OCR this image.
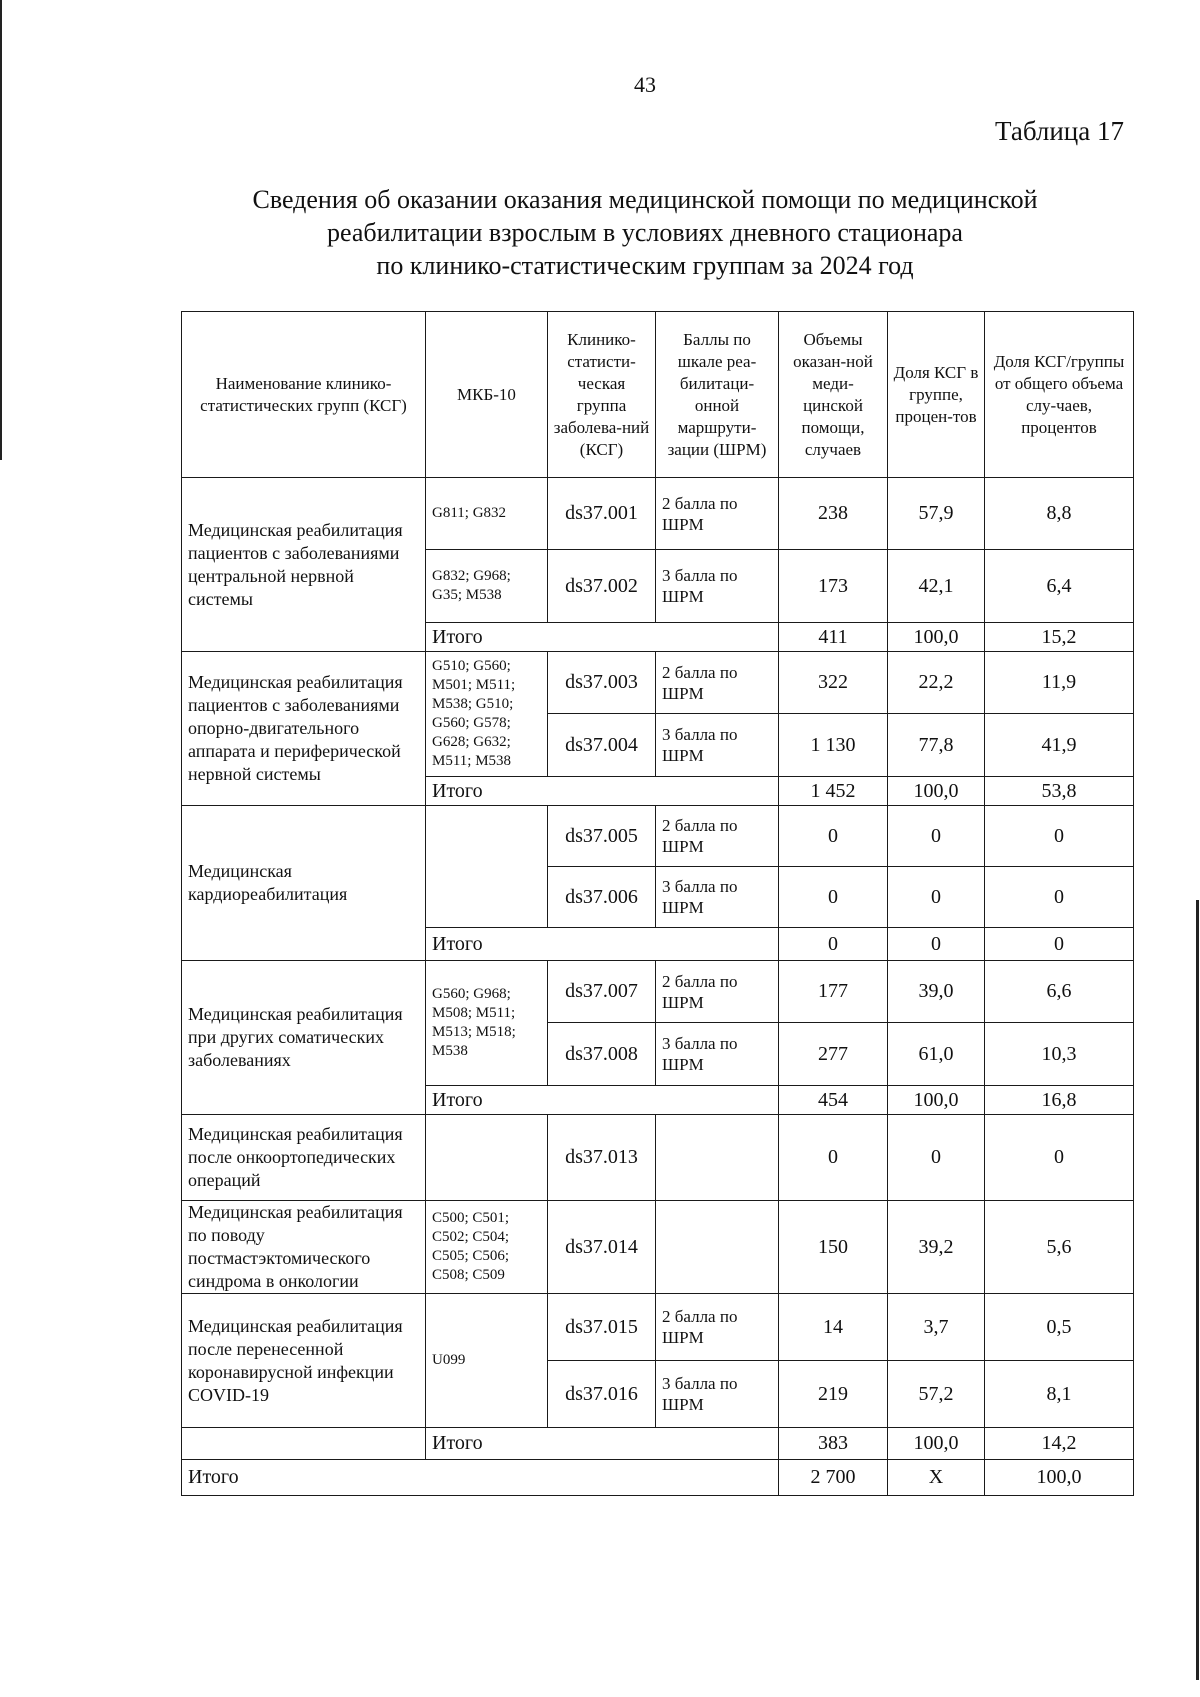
43
Таблица 17
Сведения об оказании оказания медицинской помощи по медицинской
реабилитации взрослым в условиях дневного стационара
по клинико-статистическим группам за 2024 год
Наименование клинико-статистических групп (КСГ)	МКБ-10	Клинико-статисти-ческая группа заболева-ний (КСГ)	Баллы по шкале реа-билитаци-онной маршрути-зации (ШРМ)	Объемы оказан-ной меди-цинской помощи, случаев	Доля КСГ в группе, процен-тов	Доля КСГ/группы от общего объема слу-чаев, процентов
Медицинская реабилитация пациентов с заболеваниями центральной нервной системы	G811; G832	ds37.001	2 балла по ШРМ	238	57,9	8,8
	G832; G968; G35; M538	ds37.002	3 балла по ШРМ	173	42,1	6,4
	Итого			411	100,0	15,2
Медицинская реабилитация пациентов с заболеваниями опорно-двигательного аппарата и периферической нервной системы	G510; G560; M501; M511; M538; G510; G560; G578; G628; G632; M511; M538	ds37.003	2 балла по ШРМ	322	22,2	11,9
		ds37.004	3 балла по ШРМ	1 130	77,8	41,9
	Итого			1 452	100,0	53,8
Медицинская кардиореабилитация		ds37.005	2 балла по ШРМ	0	0	0
		ds37.006	3 балла по ШРМ	0	0	0
	Итого			0	0	0
Медицинская реабилитация при других соматических заболеваниях	G560; G968; M508; M511; M513; M518; M538	ds37.007	2 балла по ШРМ	177	39,0	6,6
		ds37.008	3 балла по ШРМ	277	61,0	10,3
	Итого			454	100,0	16,8
Медицинская реабилитация после онкоортопедических операций		ds37.013		0	0	0
Медицинская реабилитация по поводу постмастэктомического синдрома в онкологии	C500; C501; C502; C504; C505; C506; C508; C509	ds37.014		150	39,2	5,6
Медицинская реабилитация после перенесенной коронавирусной инфекции COVID-19	U099	ds37.015	2 балла по ШРМ	14	3,7	0,5
		ds37.016	3 балла по ШРМ	219	57,2	8,1
	Итого			383	100,0	14,2
Итого				2 700	X	100,0
